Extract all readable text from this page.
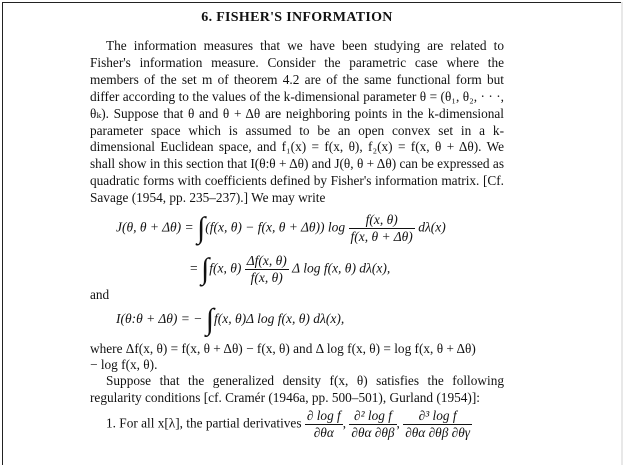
6. FISHER'S INFORMATION
The information measures that we have been studying are related to Fisher's information measure. Consider the parametric case where the members of the set m of theorem 4.2 are of the same functional form but differ according to the values of the k-dimensional parameter θ = (θ₁, θ₂, · · ·, θₖ). Suppose that θ and θ + Δθ are neighboring points in the k-dimensional parameter space which is assumed to be an open convex set in a k-dimensional Euclidean space, and f₁(x) = f(x, θ), f₂(x) = f(x, θ + Δθ). We shall show in this section that I(θ:θ + Δθ) and J(θ, θ + Δθ) can be expressed as quadratic forms with coefficients defined by Fisher's information matrix. [Cf. Savage (1954, pp. 235–237).] We may write
J(θ, θ + Δθ) = ∫(f(x, θ) − f(x, θ + Δθ)) $\log \frac{f(x, \theta)}{f(x, \theta + \Delta\theta)} d\lambda(x)$
= ∫f(x, $\theta) \frac{\Delta f(x, \theta)}{f(x, \theta)}$ Δ log f(x, θ) dλ(x),
and
I(θ:θ + Δθ) = − ∫f(x, θ)Δ log f(x, θ) dλ(x),
where Δf(x, θ) = f(x, θ + Δθ) − f(x, θ) and Δ log f(x, θ) = log f(x, θ + Δθ)
− log f(x, θ).
Suppose that the generalized density f(x, θ) satisfies the following regularity conditions [cf. Cramér (1946a, pp. 500–501), Gurland (1954)]:
1. For all x[λ], the partial derivatives $\frac{\text{∂ log f}}{\partial\theta\alpha}$ , $\frac{\text{∂² log f}}{\partial\theta\alpha \partial\theta\beta}$ , $\frac{\text{∂³ log f}}{\partial\theta\alpha \partial\theta\beta \partial\theta\gamma}$
